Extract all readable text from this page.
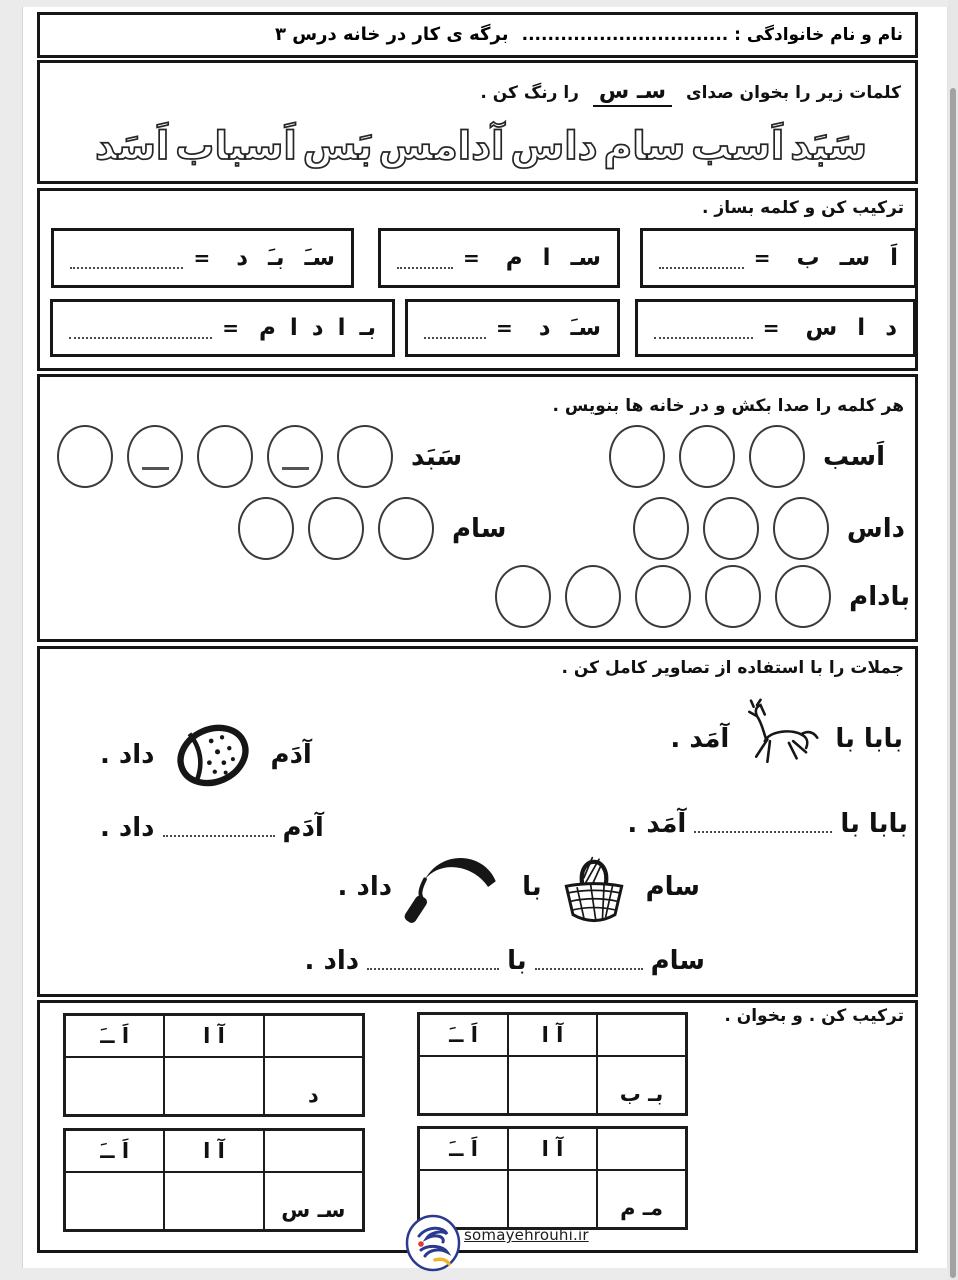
نام و نام خانوادگی : ................................
برگه ی کار در خانه درس ۳
کلمات زیر را بخوان صدای سـ س را رنگ کن .
سَبَد
اَسب
سام
داس
آدامس
بَس
اَسباب
اَسَد
ترکیب کن و کلمه بساز .
اَ
سـ
ب
=
سـ
ا
م
=
سـَ
بـَ
د
=
د
ا
س
=
سـَ
د
=
بـ
ا
د
ا
م
=
هر کلمه را صدا بکش و در خانه ها بنویس .
اَسب
سَبَد
داس
سام
بادام
جملات را با استفاده از تصاویر کامل کن .
بابا با
آمَد .
آدَم
داد .
بابا با
آمَد .
آدَم
داد .
سام
با
داد .
سام
با
داد .
ترکیب کن . و بخوان .
آ ا
اَ ــَ
بـ ب
آ ا
اَ ــَ
د
آ ا
اَ ــَ
مـ م
آ ا
اَ ــَ
سـ س
somayehrouhi.ir
